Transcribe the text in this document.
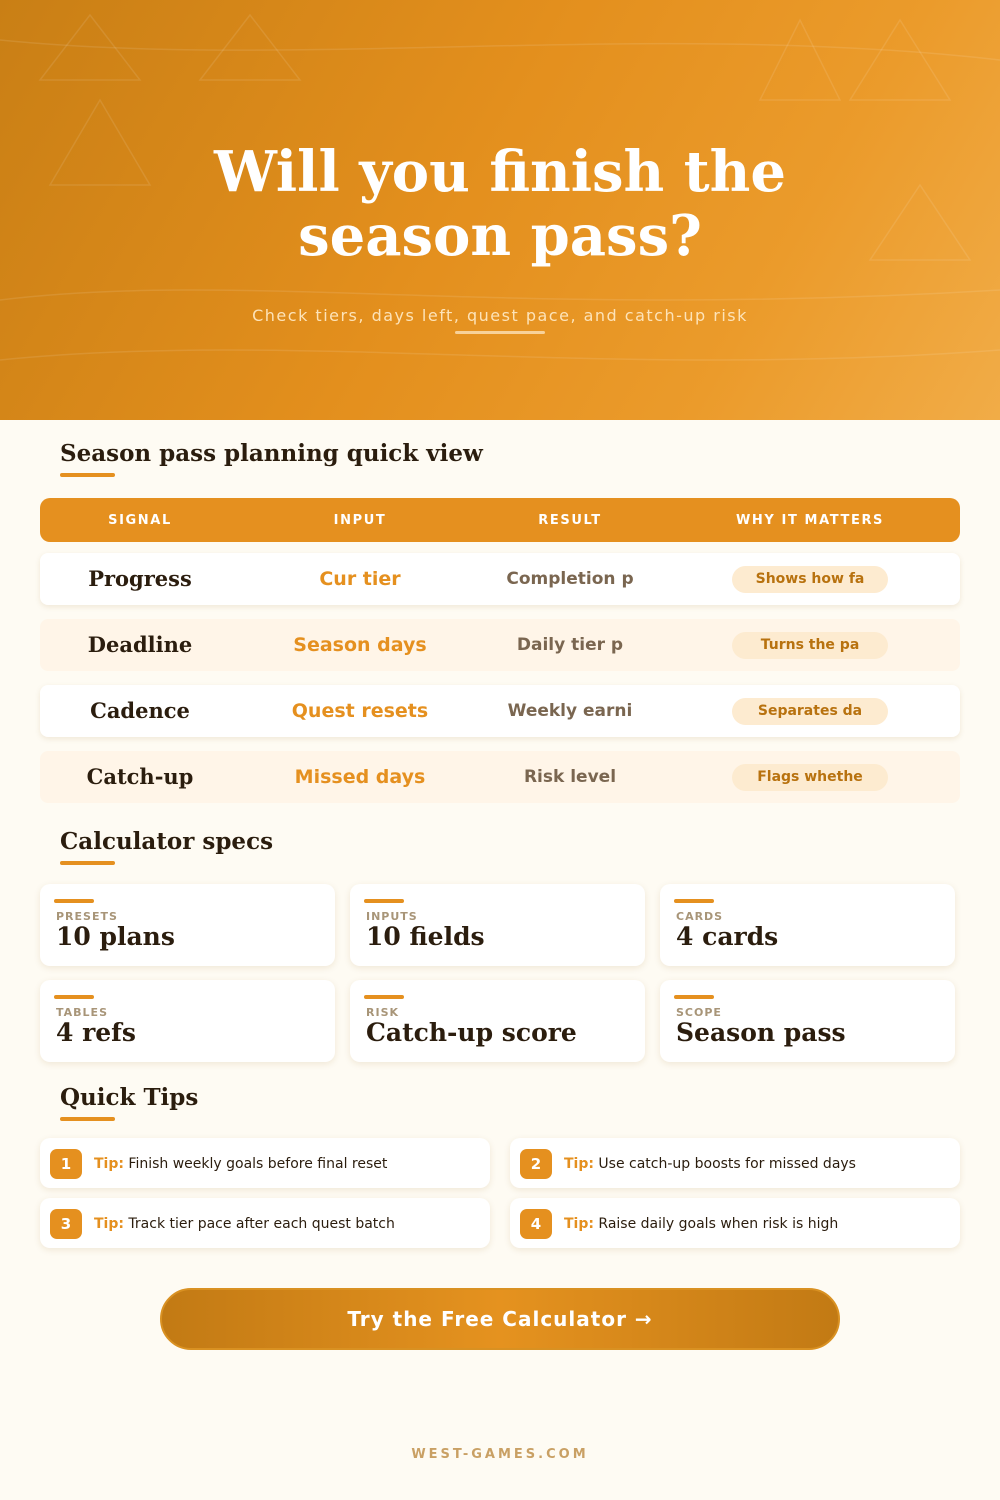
Will you finish the
season pass?
Check tiers, days left, quest pace, and catch-up risk
Season pass planning quick view
SIGNAL	INPUT	RESULT	WHY IT MATTERS
Progress	Cur tier	Completion p	Shows how fa
Deadline	Season days	Daily tier p	Turns the pa
Cadence	Quest resets	Weekly earni	Separates da
Catch-up	Missed days	Risk level	Flags whethe
Calculator specs
PRESETS
10 plans
INPUTS
10 fields
CARDS
4 cards
TABLES
4 refs
RISK
Catch-up score
SCOPE
Season pass
Quick Tips
1	Tip: Finish weekly goals before final reset	2	Tip: Use catch-up boosts for missed days
3	Tip: Track tier pace after each quest batch	4	Tip: Raise daily goals when risk is high
Try the Free Calculator →
WEST-GAMES.COM
